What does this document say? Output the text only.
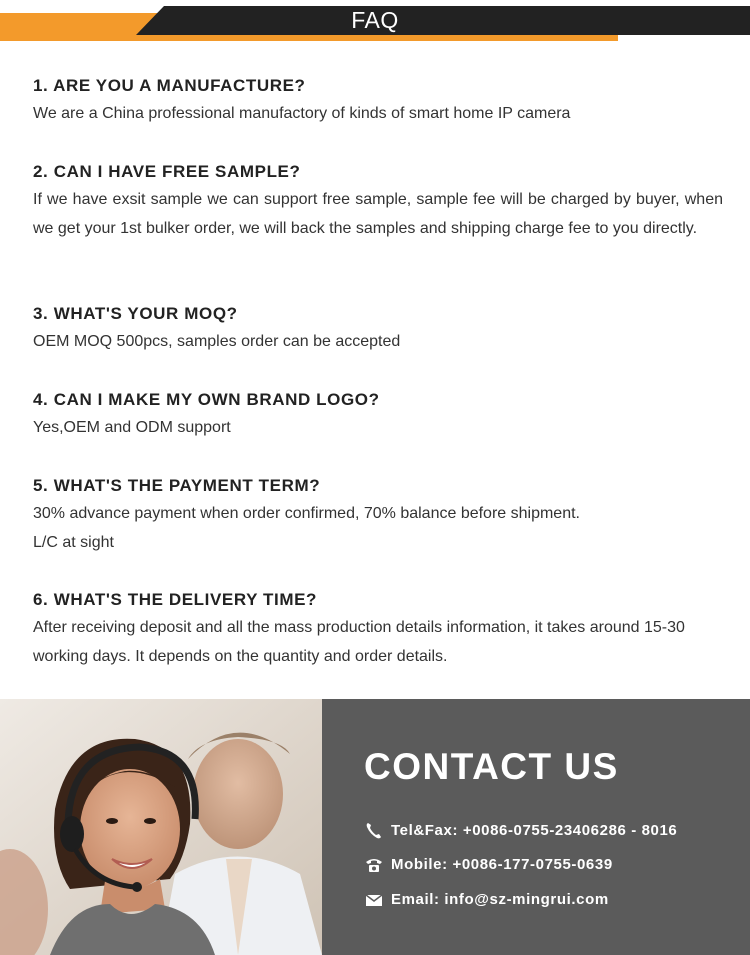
FAQ
1. ARE YOU A MANUFACTURE?
We are a China professional manufactory of kinds of smart home IP camera
2. CAN I HAVE FREE SAMPLE?
If we have exsit sample we can support free sample, sample fee will be charged by buyer, when we get your 1st bulker order, we will back the samples and shipping charge fee to you directly.
3. WHAT'S YOUR MOQ?
OEM MOQ 500pcs, samples order can be accepted
4. CAN I MAKE MY OWN BRAND LOGO?
Yes,OEM and ODM support
5. WHAT'S THE PAYMENT TERM?
30% advance payment when order confirmed, 70% balance before shipment.
L/C at sight
6. WHAT'S THE DELIVERY TIME?
After receiving deposit and all the mass production details information, it takes around 15-30 working days. It depends on the quantity and order details.
CONTACT US
Tel&Fax: +0086-0755-23406286 - 8016
Mobile: +0086-177-0755-0639
Email: info@sz-mingrui.com
